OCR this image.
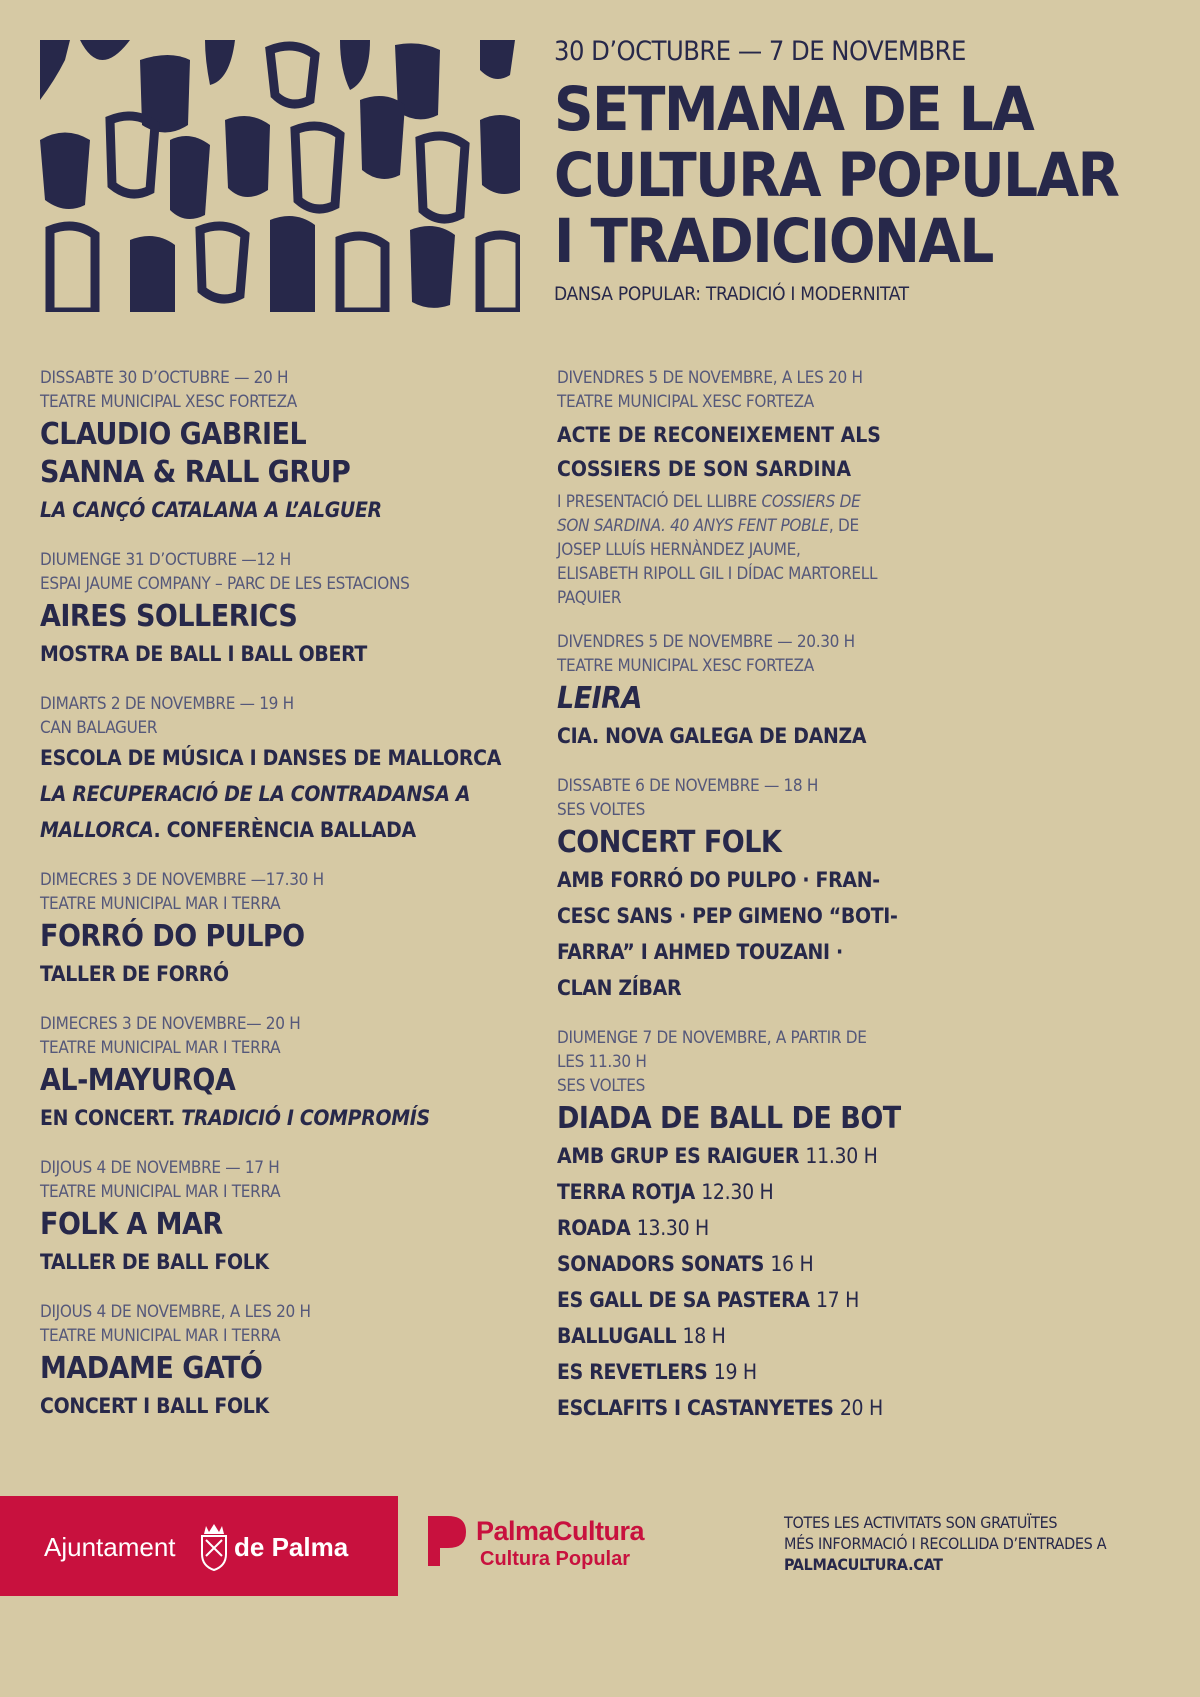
30 D’OCTUBRE — 7 DE NOVEMBRE
SETMANA DE LA
CULTURA POPULAR
I TRADICIONAL
DANSA POPULAR: TRADICIÓ I MODERNITAT
DISSABTE 30 D’OCTUBRE — 20 H
TEATRE MUNICIPAL XESC FORTEZA
CLAUDIO GABRIEL
SANNA & RALL GRUP
LA CANÇÓ CATALANA A L’ALGUER
DIUMENGE 31 D’OCTUBRE —12 H
ESPAI JAUME COMPANY – PARC DE LES ESTACIONS
AIRES SOLLERICS
MOSTRA DE BALL I BALL OBERT
DIMARTS 2 DE NOVEMBRE — 19 H
CAN BALAGUER
ESCOLA DE MÚSICA I DANSES DE MALLORCA
LA RECUPERACIÓ DE LA CONTRADANSA A
MALLORCA. CONFERÈNCIA BALLADA
DIMECRES 3 DE NOVEMBRE —17.30 H
TEATRE MUNICIPAL MAR I TERRA
FORRÓ DO PULPO
TALLER DE FORRÓ
DIMECRES 3 DE NOVEMBRE— 20 H
TEATRE MUNICIPAL MAR I TERRA
AL-MAYURQA
EN CONCERT. TRADICIÓ I COMPROMÍS
DIJOUS 4 DE NOVEMBRE — 17 H
TEATRE MUNICIPAL MAR I TERRA
FOLK A MAR
TALLER DE BALL FOLK
DIJOUS 4 DE NOVEMBRE, A LES 20 H
TEATRE MUNICIPAL MAR I TERRA
MADAME GATÓ
CONCERT I BALL FOLK
DIVENDRES 5 DE NOVEMBRE, A LES 20 H
TEATRE MUNICIPAL XESC FORTEZA
ACTE DE RECONEIXEMENT ALS
COSSIERS DE SON SARDINA
I PRESENTACIÓ DEL LLIBRE COSSIERS DE
SON SARDINA. 40 ANYS FENT POBLE, DE
JOSEP LLUÍS HERNÀNDEZ JAUME,
ELISABETH RIPOLL GIL I DÍDAC MARTORELL
PAQUIER
DIVENDRES 5 DE NOVEMBRE — 20.30 H
TEATRE MUNICIPAL XESC FORTEZA
LEIRA
CIA. NOVA GALEGA DE DANZA
DISSABTE 6 DE NOVEMBRE — 18 H
SES VOLTES
CONCERT FOLK
AMB FORRÓ DO PULPO · FRAN-
CESC SANS · PEP GIMENO “BOTI-
FARRA” I AHMED TOUZANI ·
CLAN ZÍBAR
DIUMENGE 7 DE NOVEMBRE, A PARTIR DE
LES 11.30 H
SES VOLTES
DIADA DE BALL DE BOT
AMB GRUP ES RAIGUER 11.30 H
TERRA ROTJA 12.30 H
ROADA 13.30 H
SONADORS SONATS 16 H
ES GALL DE SA PASTERA 17 H
BALLUGALL 18 H
ES REVETLERS 19 H
ESCLAFITS I CASTANYETES 20 H
Ajuntament de Palma
PalmaCultura
Cultura Popular
TOTES LES ACTIVITATS SON GRATUÏTES
MÉS INFORMACIÓ I RECOLLIDA D’ENTRADES A
PALMACULTURA.CAT
